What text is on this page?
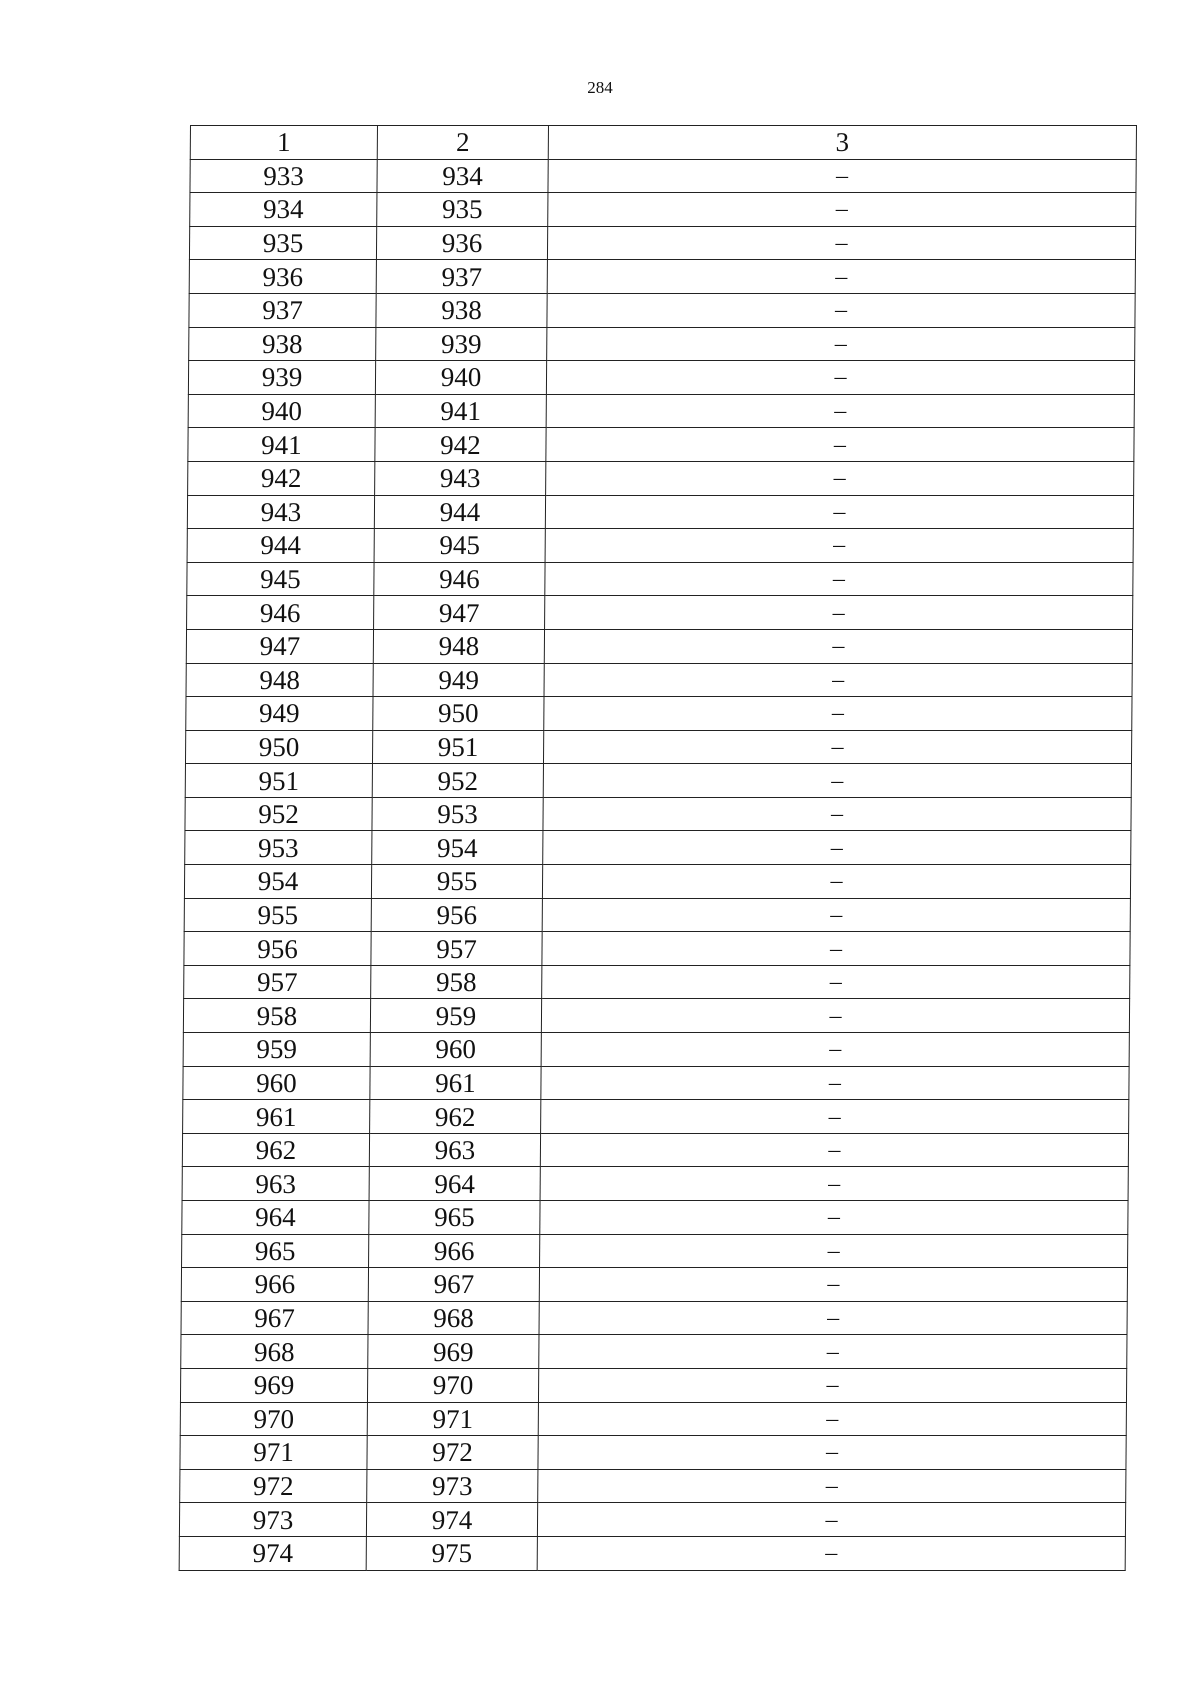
284
1	2	3
933	934	–
934	935	–
935	936	–
936	937	–
937	938	–
938	939	–
939	940	–
940	941	–
941	942	–
942	943	–
943	944	–
944	945	–
945	946	–
946	947	–
947	948	–
948	949	–
949	950	–
950	951	–
951	952	–
952	953	–
953	954	–
954	955	–
955	956	–
956	957	–
957	958	–
958	959	–
959	960	–
960	961	–
961	962	–
962	963	–
963	964	–
964	965	–
965	966	–
966	967	–
967	968	–
968	969	–
969	970	–
970	971	–
971	972	–
972	973	–
973	974	–
974	975	–
